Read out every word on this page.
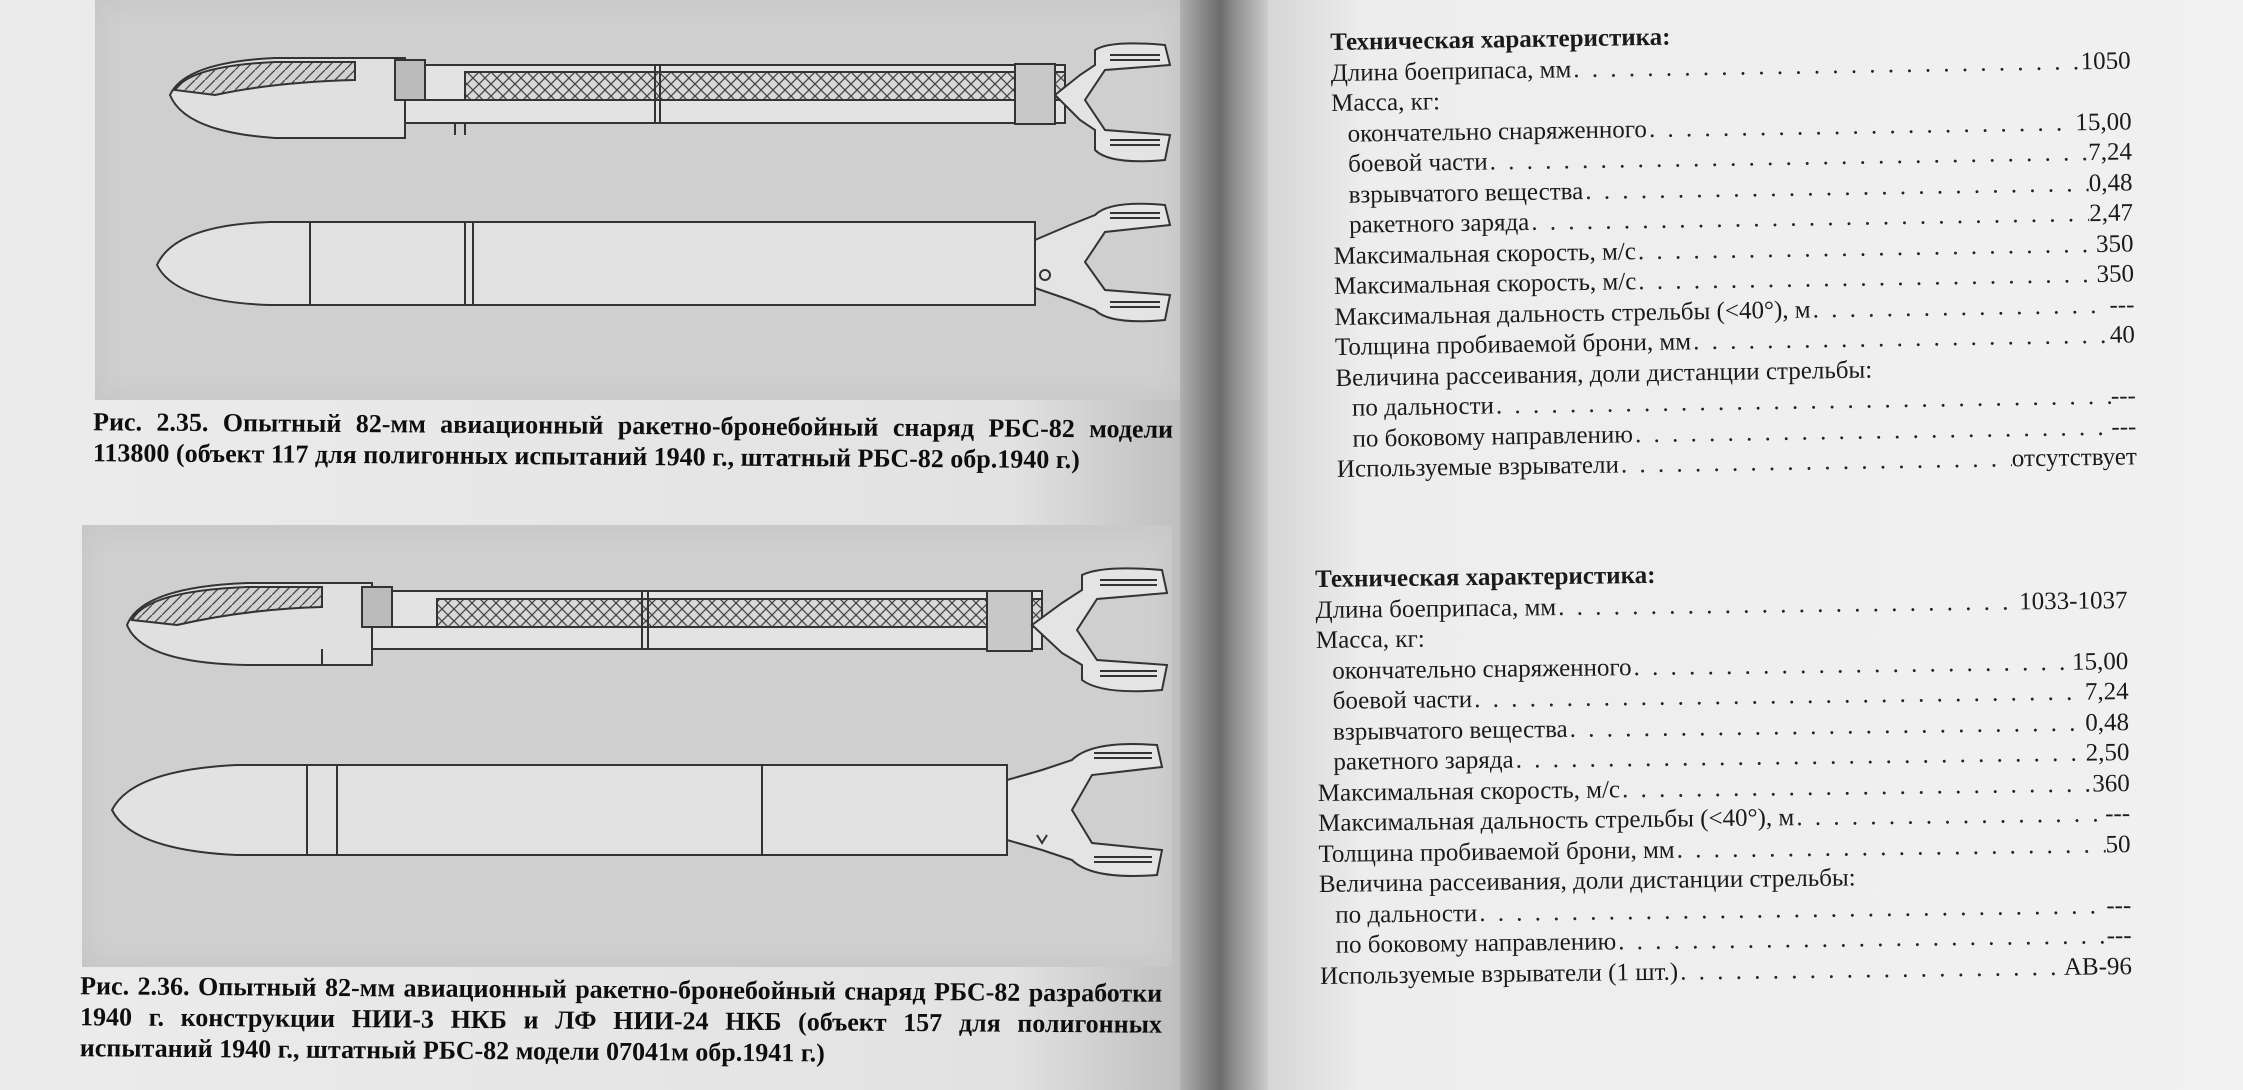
Рис. 2.35. Опытный 82-мм авиационный ракетно-бронебойный снаряд РБС-82 модели 113800 (объект 117 для полигонных испытаний 1940 г., штатный РБС-82 обр.1940 г.)
Рис. 2.36. Опытный 82-мм авиационный ракетно-бронебойный снаряд РБС-82 разработки 1940 г. конструкции НИИ-3 НКБ и ЛФ НИИ-24 НКБ (объект 157 для полигонных испытаний 1940 г., штатный РБС-82 модели 07041м обр.1941 г.)
Техническая характеристика:
Длина боеприпаса, мм . . .	1050
Масса, кг:
окончательно снаряженного . . .	15,00
боевой части . . .	7,24
взрывчатого вещества . . .	0,48
ракетного заряда . . .	2,47
Максимальная скорость, м/с . . .	350
Максимальная скорость, м/с . . .	350
Максимальная дальность стрельбы (<40°), м . . .	---
Толщина пробиваемой брони, мм . . .	40
Величина рассеивания, доли дистанции стрельбы:
по дальности . . .	---
по боковому направлению . . .	---
Используемые взрыватели . . .	отсутствует
Техническая характеристика:
Длина боеприпаса, мм . . .	1033-1037
Масса, кг:
окончательно снаряженного . . .	15,00
боевой части . . .	7,24
взрывчатого вещества . . .	0,48
ракетного заряда . . .	2,50
Максимальная скорость, м/с . . .	360
Максимальная дальность стрельбы (<40°), м . . .	---
Толщина пробиваемой брони, мм . . .	50
Величина рассеивания, доли дистанции стрельбы:
по дальности . . .	---
по боковому направлению . . .	---
Используемые взрыватели (1 шт.) . . .	АВ-96
